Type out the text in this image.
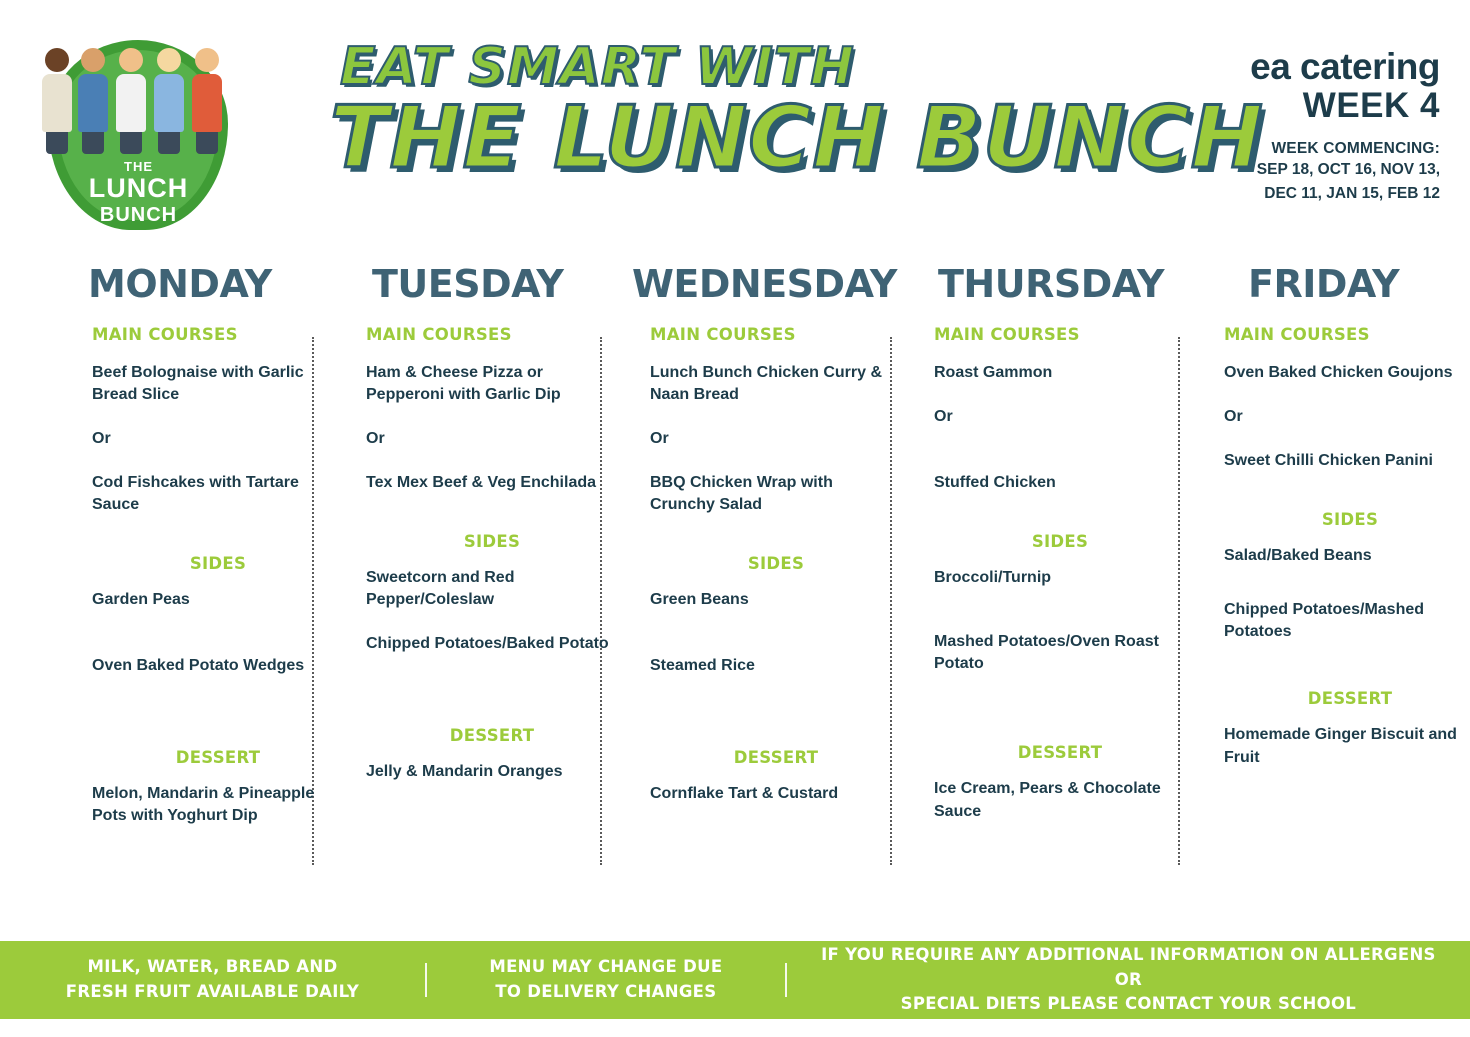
THE
LUNCH
BUNCH
EAT SMART WITH
THE LUNCH BUNCH
ea catering
WEEK 4
WEEK COMMENCING:
SEP 18, OCT 16, NOV 13,
DEC 11, JAN 15, FEB 12
MONDAY	TUESDAY WEDNESDAY THURSDAY FRIDAY
MAIN COURSES
Beef Bolognaise with Garlic Bread Slice
Or
Cod Fishcakes with Tartare Sauce
SIDES
Garden Peas
Oven Baked Potato Wedges
DESSERT
Melon, Mandarin & Pineapple Pots with Yoghurt Dip
MAIN COURSES
Ham & Cheese Pizza or Pepperoni with Garlic Dip
Or
Tex Mex Beef & Veg Enchilada
SIDES
Sweetcorn and Red Pepper/Coleslaw
Chipped Potatoes/Baked Potato
DESSERT
Jelly & Mandarin Oranges
MAIN COURSES
Lunch Bunch Chicken Curry & Naan Bread
Or
BBQ Chicken Wrap with Crunchy Salad
SIDES
Green Beans
Steamed Rice
DESSERT
Cornflake Tart & Custard
MAIN COURSES
Roast Gammon
Or
Stuffed Chicken
SIDES
Broccoli/Turnip
Mashed Potatoes/Oven Roast Potato
DESSERT
Ice Cream, Pears & Chocolate Sauce
MAIN COURSES
Oven Baked Chicken Goujons
Or
Sweet Chilli Chicken Panini
SIDES
Salad/Baked Beans
Chipped Potatoes/Mashed Potatoes
DESSERT
Homemade Ginger Biscuit and Fruit
MILK, WATER, BREAD AND
FRESH FRUIT AVAILABLE DAILY
MENU MAY CHANGE DUE
TO DELIVERY CHANGES
IF YOU REQUIRE ANY ADDITIONAL INFORMATION ON ALLERGENS OR
SPECIAL DIETS PLEASE CONTACT YOUR SCHOOL
